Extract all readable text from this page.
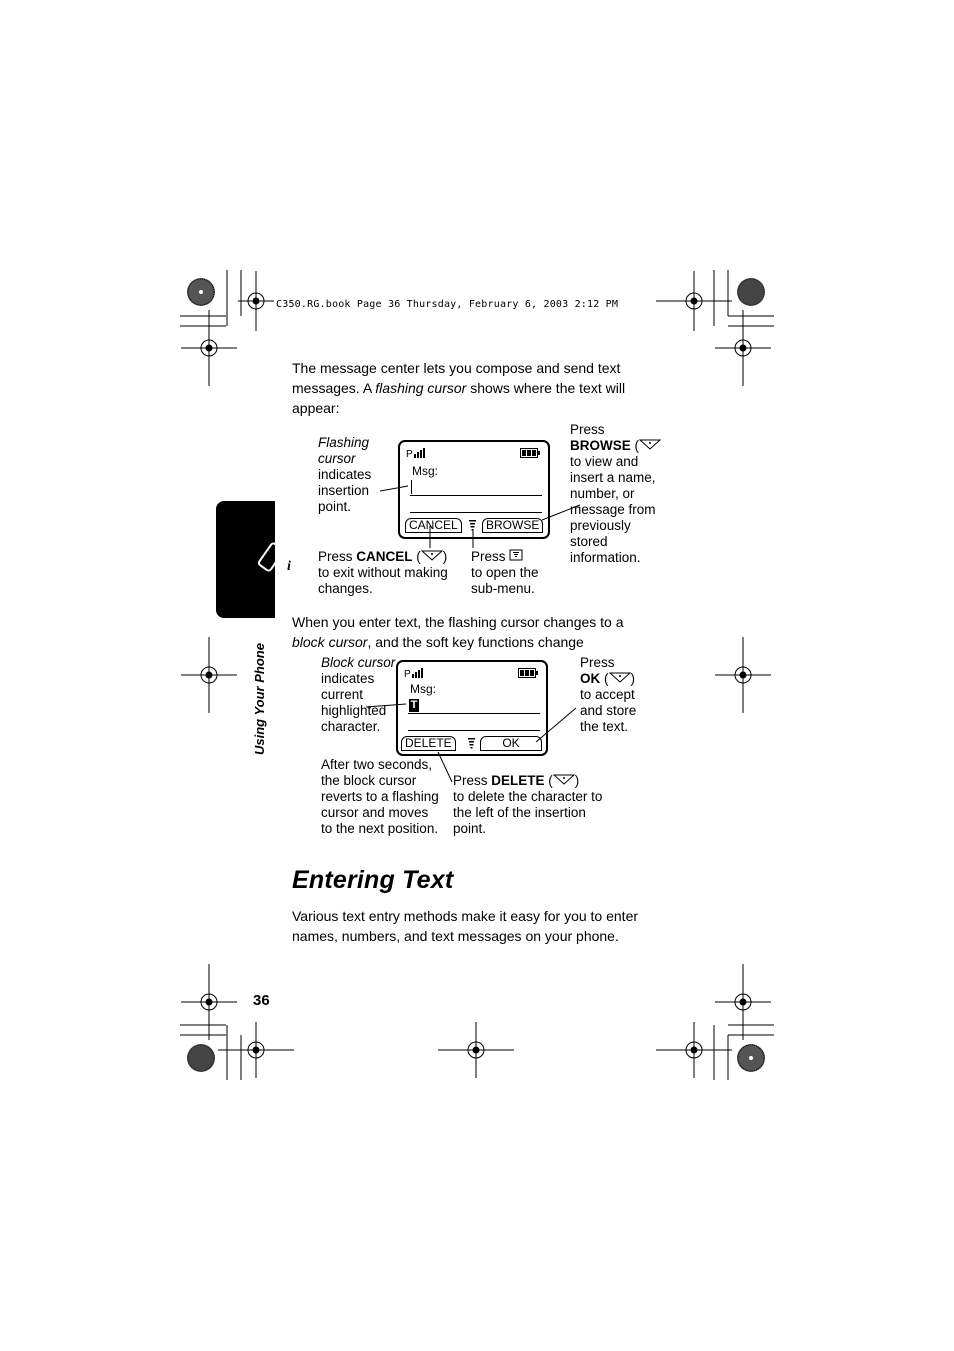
C350.RG.book Page 36 Thursday, February 6, 2003 2:12 PM
i
Using Your Phone
The message center lets you compose and send text messages. A flashing cursor shows where the text will appear:
P
Msg:
CANCEL	BROWSE
Flashing cursor
indicates insertion point.
Press
BROWSE (
to view and insert a name, number, or message from previously stored information.
Press CANCEL ( )
to exit without making changes.
Press
to open the sub-menu.
When you enter text, the flashing cursor changes to a block cursor, and the soft key functions change
P
Msg:
T
DELETE	OK
Block cursor
indicates current highlighted character.
Press
OK ( )
to accept and store the text.
After two seconds, the block cursor reverts to a flashing cursor and moves to the next position.
Press DELETE ( )
to delete the character to the left of the insertion point.
Entering Text
Various text entry methods make it easy for you to enter names, numbers, and text messages on your phone.
36
